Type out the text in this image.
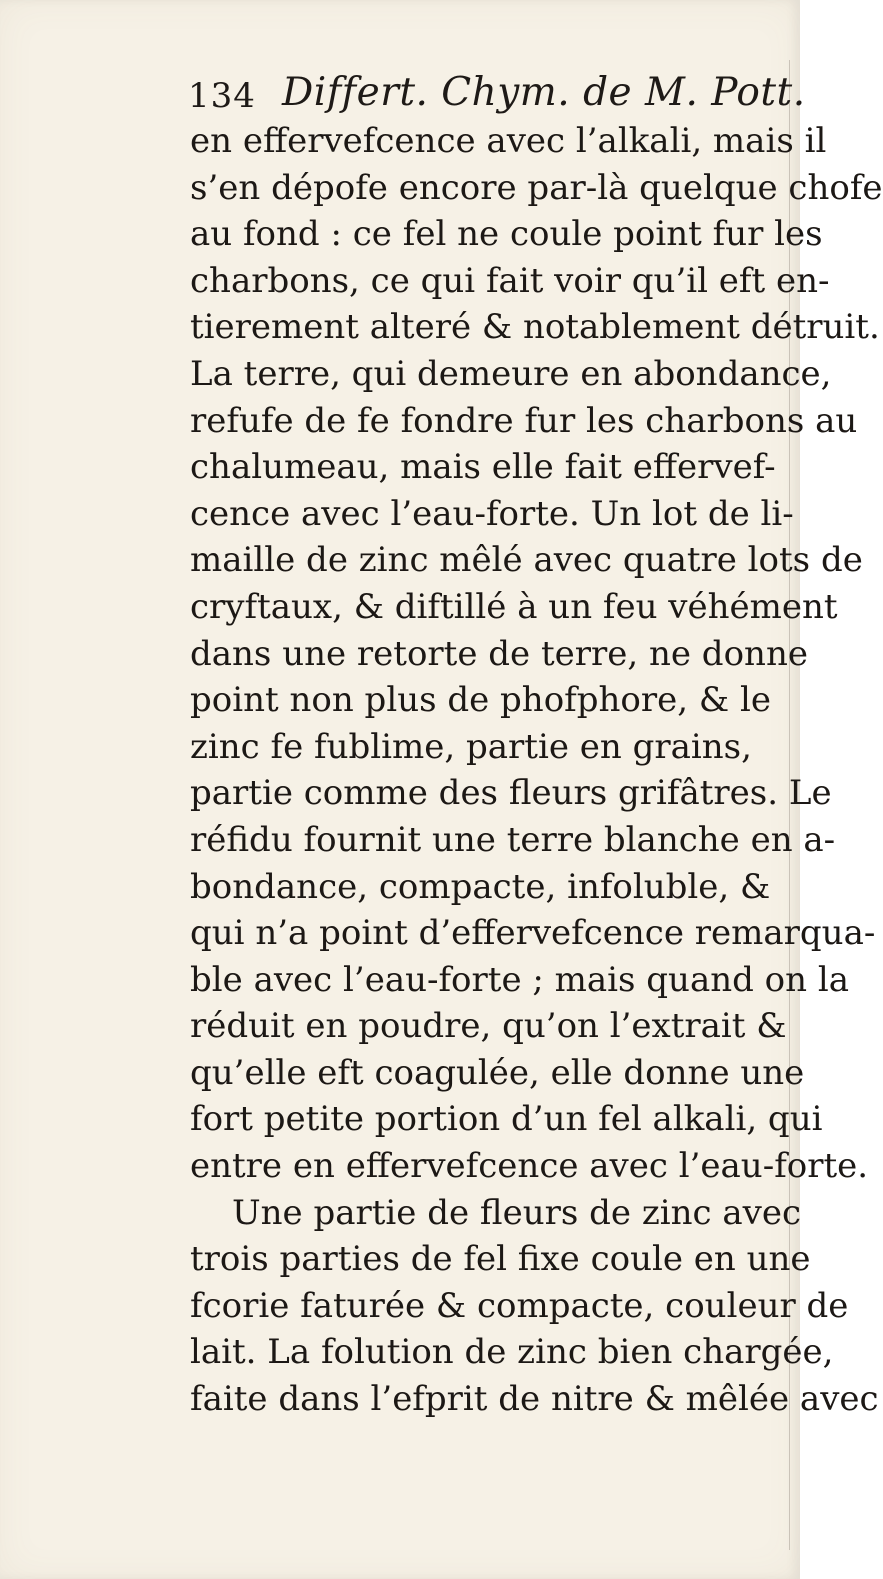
134 Differt. Chym. de M. Pott.
en effervefcence avec l’alkali, mais il
s’en dépofe encore par-là quelque chofe
au fond : ce fel ne coule point fur les
charbons, ce qui fait voir qu’il eft en-
tierement alteré & notablement détruit.
La terre, qui demeure en abondance,
refufe de fe fondre fur les charbons au
chalumeau, mais elle fait effervef-
cence avec l’eau-forte. Un lot de li-
maille de zinc mêlé avec quatre lots de
cryftaux, & diftillé à un feu véhément
dans une retorte de terre, ne donne
point non plus de phofphore, & le
zinc fe fublime, partie en grains,
partie comme des fleurs grifâtres. Le
réfidu fournit une terre blanche en a-
bondance, compacte, infoluble, &
qui n’a point d’effervefcence remarqua-
ble avec l’eau-forte ; mais quand on la
réduit en poudre, qu’on l’extrait &
qu’elle eft coagulée, elle donne une
fort petite portion d’un fel alkali, qui
entre en effervefcence avec l’eau-forte.
Une partie de fleurs de zinc avec
trois parties de fel fixe coule en une
fcorie faturée & compacte, couleur de
lait. La folution de zinc bien chargée,
faite dans l’efprit de nitre & mêlée avec
